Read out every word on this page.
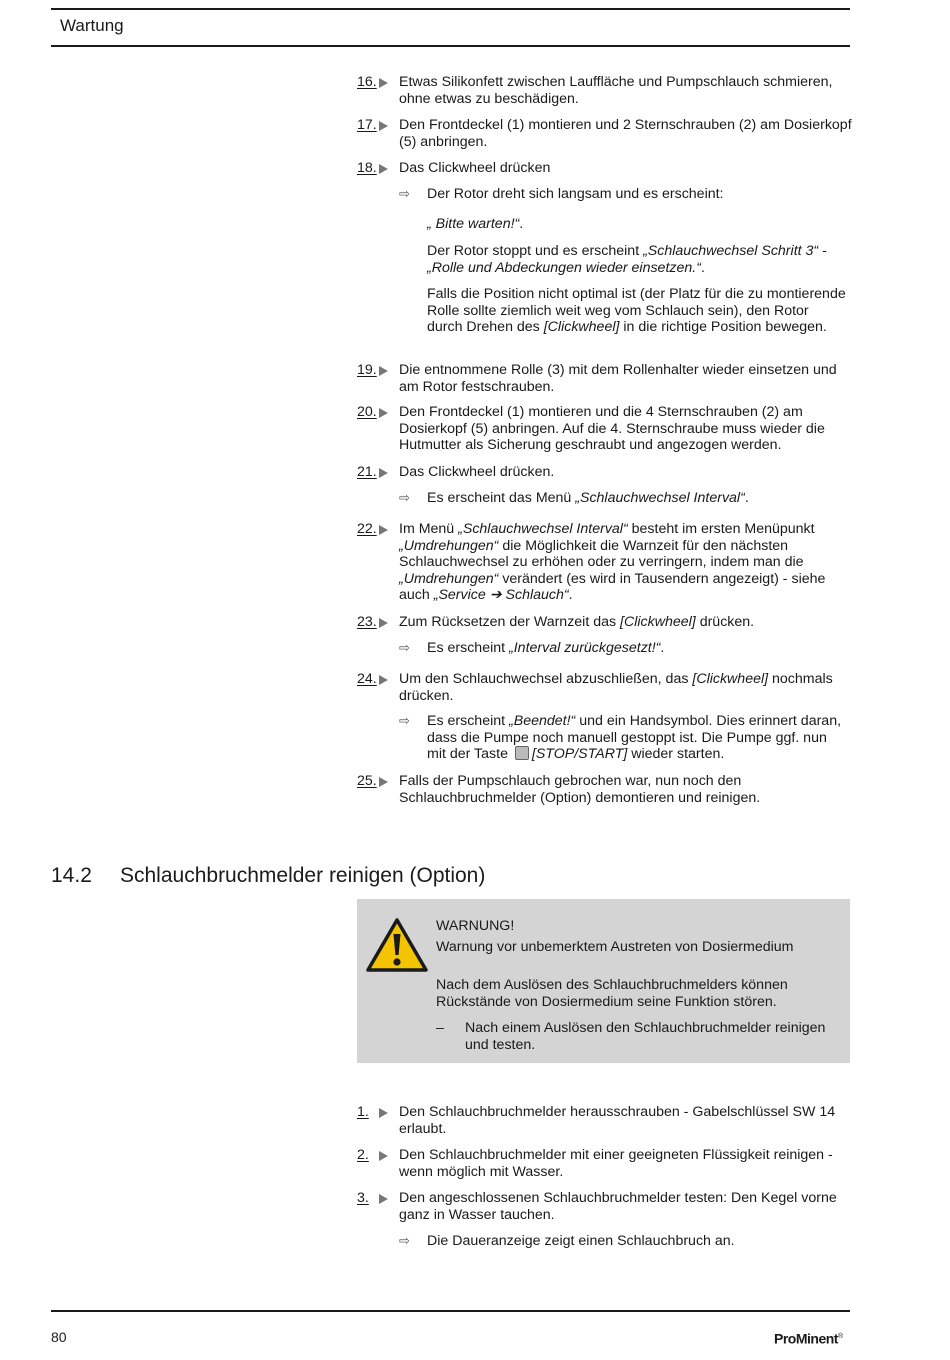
Wartung
16. Etwas Silikonfett zwischen Lauffläche und Pumpschlauch schmieren, ohne etwas zu beschädigen.
17. Den Frontdeckel (1) montieren und 2 Sternschrauben (2) am Dosierkopf (5) anbringen.
18. Das Clickwheel drücken
⇨ Der Rotor dreht sich langsam und es erscheint:
„ Bitte warten!“.
Der Rotor stoppt und es erscheint „Schlauchwechsel Schritt 3“ - „Rolle und Abdeckungen wieder einsetzen.“.
Falls die Position nicht optimal ist (der Platz für die zu montierende Rolle sollte ziemlich weit weg vom Schlauch sein), den Rotor durch Drehen des [Clickwheel] in die richtige Position bewegen.
19. Die entnommene Rolle (3) mit dem Rollenhalter wieder einsetzen und am Rotor festschrauben.
20. Den Frontdeckel (1) montieren und die 4 Sternschrauben (2) am Dosierkopf (5) anbringen. Auf die 4. Sternschraube muss wieder die Hutmutter als Sicherung geschraubt und angezogen werden.
21. Das Clickwheel drücken.
⇨ Es erscheint das Menü „Schlauchwechsel Interval“.
22. Im Menü „Schlauchwechsel Interval“ besteht im ersten Menüpunkt „Umdrehungen“ die Möglichkeit die Warnzeit für den nächsten Schlauchwechsel zu erhöhen oder zu verringern, indem man die „Umdrehungen“ verändert (es wird in Tausendern angezeigt) - siehe auch „Service ➔ Schlauch“.
23. Zum Rücksetzen der Warnzeit das [Clickwheel] drücken.
⇨ Es erscheint „Interval zurückgesetzt!“.
24. Um den Schlauchwechsel abzuschließen, das [Clickwheel] nochmals drücken.
⇨ Es erscheint „Beendet!“ und ein Handsymbol. Dies erinnert daran, dass die Pumpe noch manuell gestoppt ist. Die Pumpe ggf. nun mit der Taste [STOP/START] wieder starten.
25. Falls der Pumpschlauch gebrochen war, nun noch den Schlauchbruchmelder (Option) demontieren und reinigen.
14.2 Schlauchbruchmelder reinigen (Option)
WARNUNG!
Warnung vor unbemerktem Austreten von Dosiermedium
Nach dem Auslösen des Schlauchbruchmelders können Rückstände von Dosiermedium seine Funktion stören.
– Nach einem Auslösen den Schlauchbruchmelder reinigen und testen.
1. Den Schlauchbruchmelder herausschrauben - Gabelschlüssel SW 14 erlaubt.
2. Den Schlauchbruchmelder mit einer geeigneten Flüssigkeit reinigen - wenn möglich mit Wasser.
3. Den angeschlossenen Schlauchbruchmelder testen: Den Kegel vorne ganz in Wasser tauchen.
⇨ Die Daueranzeige zeigt einen Schlauchbruch an.
80	ProMinent®
